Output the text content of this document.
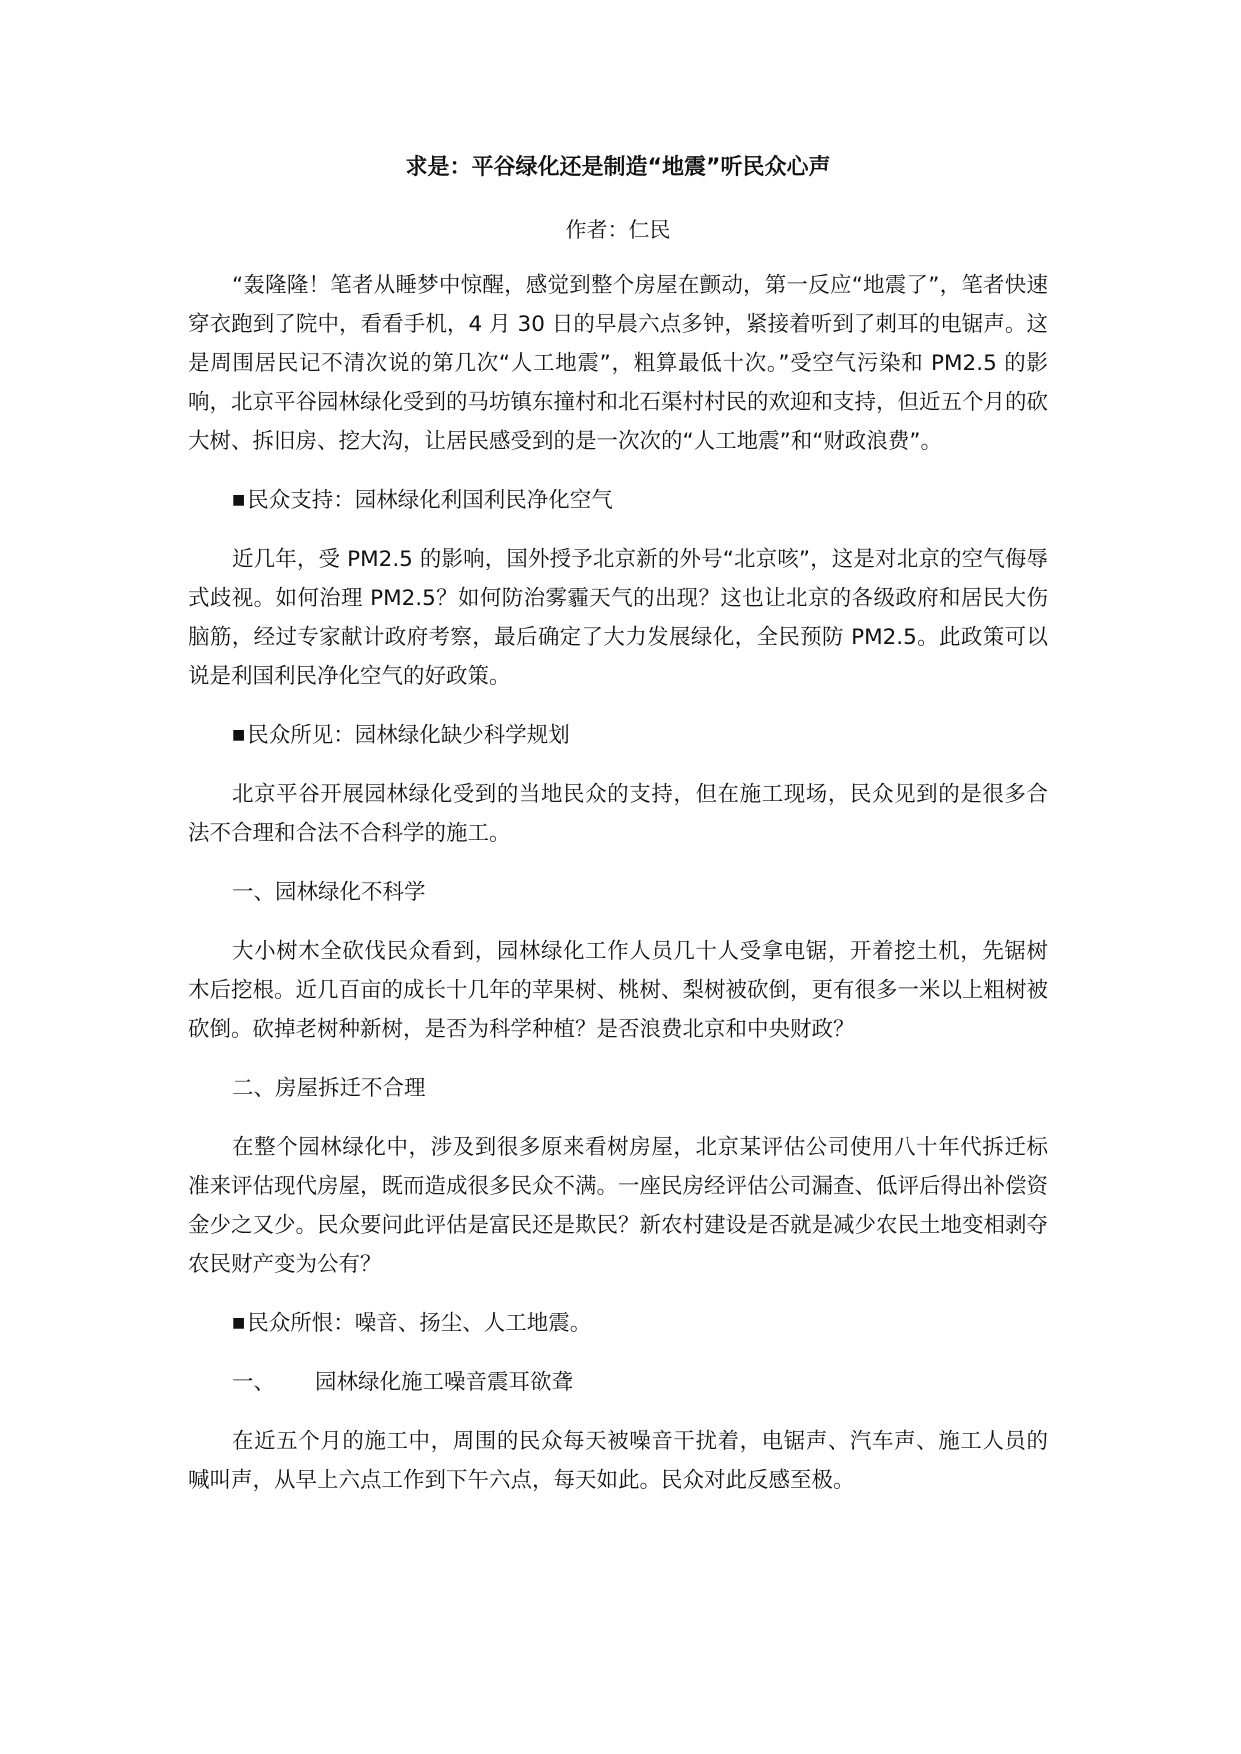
求是：平谷绿化还是制造“地震”听民众心声
作者：仁民

“轰隆隆！笔者从睡梦中惊醒，感觉到整个房屋在颤动，第一反应“地震了”，笔者快速穿衣跑到了院中，看看手机，4 月 30 日的早晨六点多钟，紧接着听到了刺耳的电锯声。这是周围居民记不清次说的第几次“人工地震”，粗算最低十次。”受空气污染和 PM2.5 的影响，北京平谷园林绿化受到的马坊镇东撞村和北石渠村村民的欢迎和支持，但近五个月的砍大树、拆旧房、挖大沟，让居民感受到的是一次次的“人工地震”和“财政浪费”。

■民众支持：园林绿化利国利民净化空气

近几年，受 PM2.5 的影响，国外授予北京新的外号“北京咳”，这是对北京的空气侮辱式歧视。如何治理 PM2.5？如何防治雾霾天气的出现？这也让北京的各级政府和居民大伤脑筋，经过专家献计政府考察，最后确定了大力发展绿化，全民预防 PM2.5。此政策可以说是利国利民净化空气的好政策。

■民众所见：园林绿化缺少科学规划

北京平谷开展园林绿化受到的当地民众的支持，但在施工现场，民众见到的是很多合法不合理和合法不合科学的施工。

一、园林绿化不科学

大小树木全砍伐民众看到，园林绿化工作人员几十人受拿电锯，开着挖土机，先锯树木后挖根。近几百亩的成长十几年的苹果树、桃树、梨树被砍倒，更有很多一米以上粗树被砍倒。砍掉老树种新树，是否为科学种植？是否浪费北京和中央财政？

二、房屋拆迁不合理

在整个园林绿化中，涉及到很多原来看树房屋，北京某评估公司使用八十年代拆迁标准来评估现代房屋，既而造成很多民众不满。一座民房经评估公司漏查、低评后得出补偿资金少之又少。民众要问此评估是富民还是欺民？新农村建设是否就是减少农民土地变相剥夺农民财产变为公有？

■民众所恨：噪音、扬尘、人工地震。

一、 园林绿化施工噪音震耳欲聋

在近五个月的施工中，周围的民众每天被噪音干扰着，电锯声、汽车声、施工人员的喊叫声，从早上六点工作到下午六点，每天如此。民众对此反感至极。
